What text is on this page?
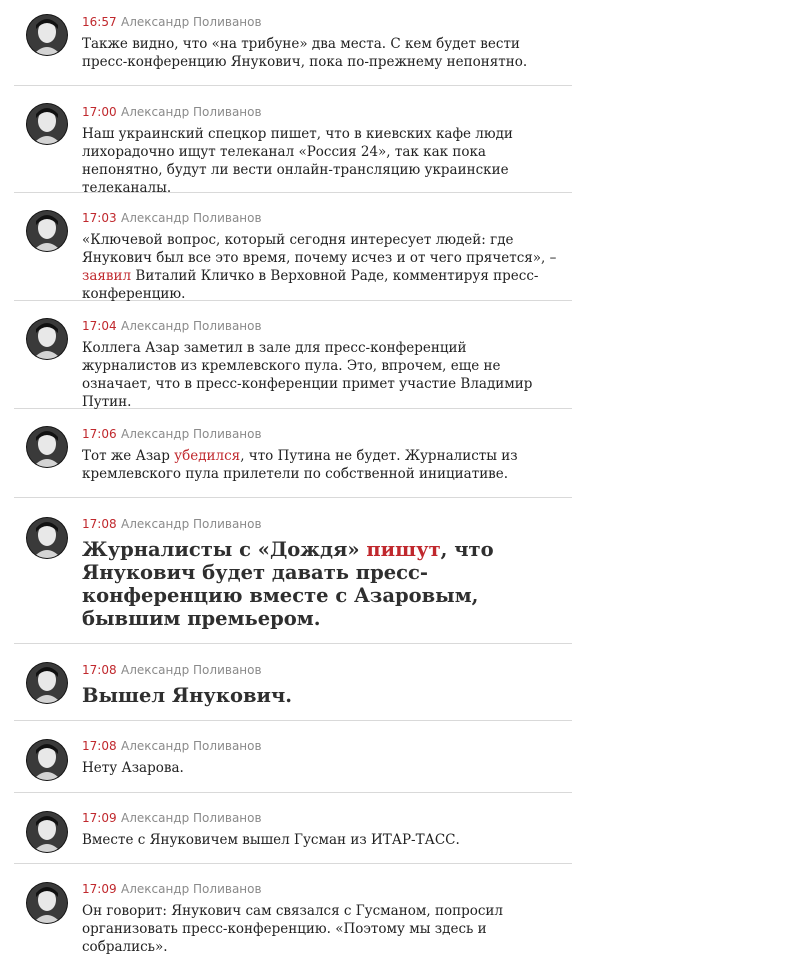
16:57 Александр Поливанов
Также видно, что «на трибуне» два места. С кем будет вести пресс-конференцию Янукович, пока по-прежнему непонятно.
17:00 Александр Поливанов
Наш украинский спецкор пишет, что в киевских кафе люди лихорадочно ищут телеканал «Россия 24», так как пока непонятно, будут ли вести онлайн-трансляцию украинские телеканалы.
17:03 Александр Поливанов
«Ключевой вопрос, который сегодня интересует людей: где Янукович был все это время, почему исчез и от чего прячется», – заявил Виталий Кличко в Верховной Раде, комментируя пресс-конференцию.
17:04 Александр Поливанов
Коллега Азар заметил в зале для пресс-конференций журналистов из кремлевского пула. Это, впрочем, еще не означает, что в пресс-конференции примет участие Владимир Путин.
17:06 Александр Поливанов
Тот же Азар убедился, что Путина не будет. Журналисты из кремлевского пула прилетели по собственной инициативе.
17:08 Александр Поливанов
Журналисты с «Дождя» пишут, что Янукович будет давать пресс-конференцию вместе с Азаровым, бывшим премьером.
17:08 Александр Поливанов
Вышел Янукович.
17:08 Александр Поливанов
Нету Азарова.
17:09 Александр Поливанов
Вместе с Януковичем вышел Гусман из ИТАР-ТАСС.
17:09 Александр Поливанов
Он говорит: Янукович сам связался с Гусманом, попросил организовать пресс-конференцию. «Поэтому мы здесь и собрались».
